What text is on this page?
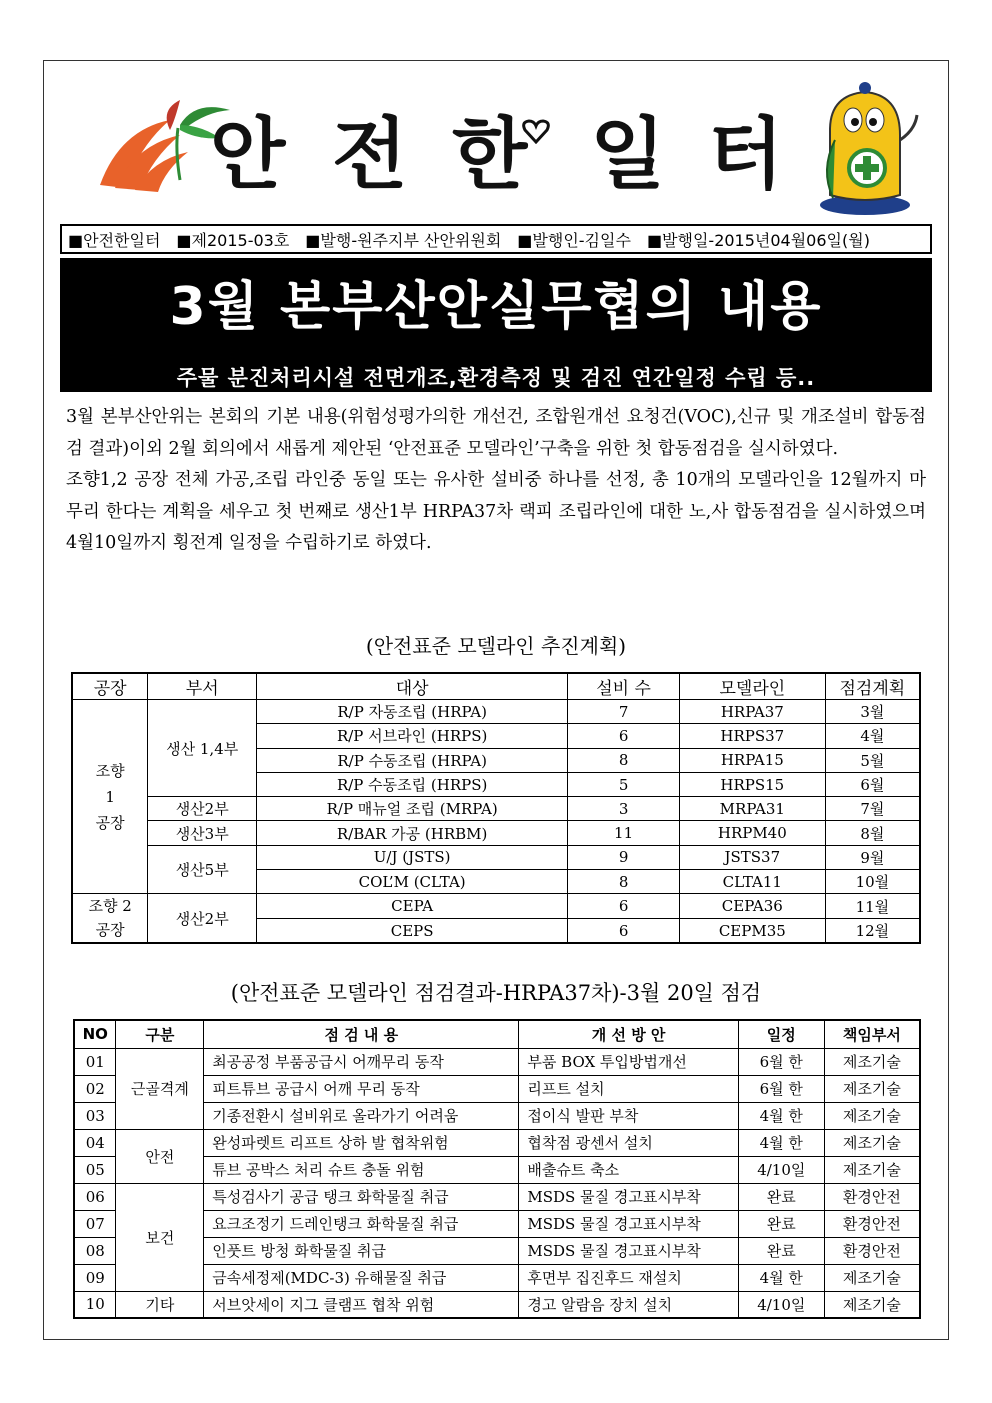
안 전 한 일 터
■안전한일터 ■제2015-03호 ■발행-원주지부 산안위원회 ■발행인-김일수 ■발행일-2015년04월06일(월)
3월 본부산안실무협의 내용
주물 분진처리시설 전면개조,환경측정 및 검진 연간일정 수립 등..

3월 본부산안위는 본회의 기본 내용(위험성평가의한 개선건, 조합원개선 요청건(VOC),신규 및 개조설비 합동점검 결과)이외 2월 회의에서 새롭게 제안된 ‘안전표준 모델라인’구축을 위한 첫 합동점검을 실시하였다.

조향1,2 공장 전체 가공,조립 라인중 동일 또는 유사한 설비중 하나를 선정, 총 10개의 모델라인을 12월까지 마무리 한다는 계획을 세우고 첫 번째로 생산1부 HRPA37차 랙피 조립라인에 대한 노,사 합동점검을 실시하였으며 4월10일까지 횡전계 일정을 수립하기로 하였다.

(안전표준 모델라인 추진계획)
공장	부서	대상	설비 수	모델라인	점검계획
조향
1
공장	생산 1,4부	R/P 자동조립 (HRPA)	7	HRPA37	3월
		R/P 서브라인 (HRPS)	6	HRPS37	4월
		R/P 수동조립 (HRPA)	8	HRPA15	5월
		R/P 수동조립 (HRPS)	5	HRPS15	6월
	생산2부	R/P 매뉴얼 조립 (MRPA)	3	MRPA31	7월
	생산3부	R/BAR 가공 (HRBM)	11	HRPM40	8월
	생산5부	U/J (JSTS)	9	JSTS37	9월
		COL’M (CLTA)	8	CLTA11	10월
조향 2
공장	생산2부	CEPA	6	CEPA36	11월
		CEPS	6	CEPM35	12월
(안전표준 모델라인 점검결과-HRPA37차)-3월 20일 점검
NO	구분	점 검 내 용	개 선 방 안	일정	책임부서
01	근골격계	최공공정 부품공급시 어깨무리 동작	부품 BOX 투입방법개선	6월 한	제조기술
02		피트튜브 공급시 어깨 무리 동작	리프트 설치	6월 한	제조기술
03		기종전환시 설비위로 올라가기 어려움	접이식 발판 부착	4월 한	제조기술
04	안전	완성파렛트 리프트 상하 발 협착위험	협착점 광센서 설치	4월 한	제조기술
05		튜브 공박스 처리 슈트 충돌 위험	배출슈트 축소	4/10일	제조기술
06	보건	특성검사기 공급 탱크 화학물질 취급	MSDS 물질 경고표시부착	완료	환경안전
07		요크조정기 드레인탱크 화학물질 취급	MSDS 물질 경고표시부착	완료	환경안전
08		인풋트 방청 화학물질 취급	MSDS 물질 경고표시부착	완료	환경안전
09		금속세정제(MDC-3) 유해물질 취급	후면부 집진후드 재설치	4월 한	제조기술
10	기타	서브앗세이 지그 클램프 협착 위험	경고 알람음 장치 설치	4/10일	제조기술
